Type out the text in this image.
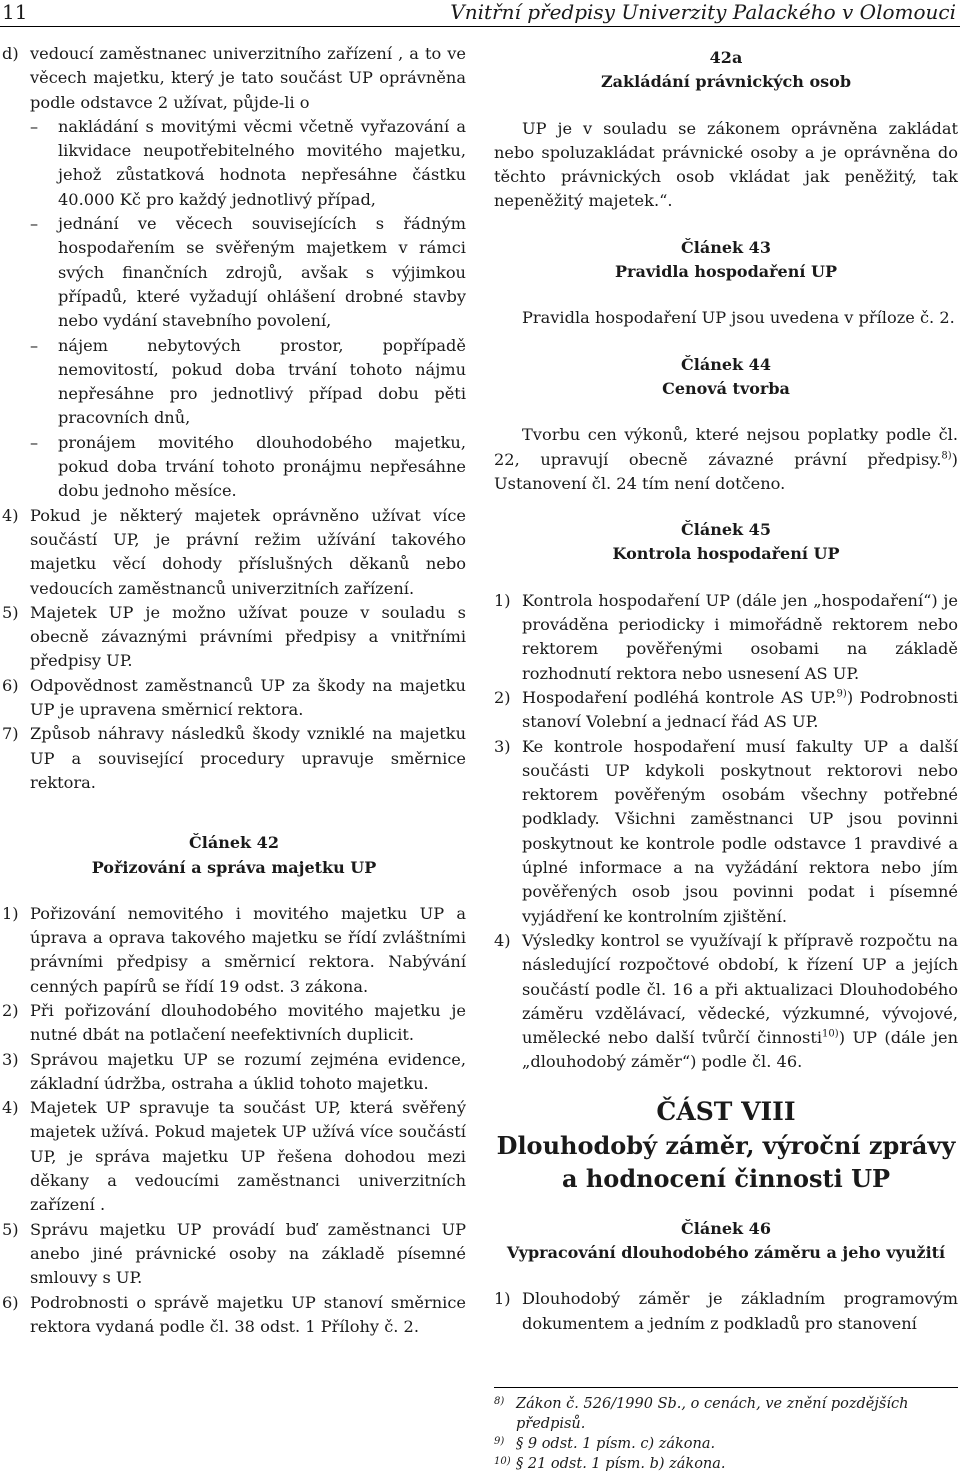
11	Vnitřní předpisy Univerzity Palackého v Olomouci
d) vedoucí zaměstnanec univerzitního zařízení , a to ve věcech majetku, který je tato součást UP oprávněna podle odstavce 2 užívat, půjde-li o
– nakládání s movitými věcmi včetně vyřazování a likvidace neupotřebitelného movitého majetku, jehož zůstatková hodnota nepřesáhne částku 40.000 Kč pro každý jednotlivý případ,
– jednání ve věcech souvisejících s řádným hospodařením se svěřeným majetkem v rámci svých finančních zdrojů, avšak s výjimkou případů, které vyžadují ohlášení drobné stavby nebo vydání stavebního povolení,
– nájem nebytových prostor, popřípadě nemovitostí, pokud doba trvání tohoto nájmu nepřesáhne pro jednotlivý případ dobu pěti pracovních dnů,
– pronájem movitého dlouhodobého majetku, pokud doba trvání tohoto pronájmu nepřesáhne dobu jednoho měsíce.
4) Pokud je některý majetek oprávněno užívat více součástí UP, je právní režim užívání takového majetku věcí dohody příslušných děkanů nebo vedoucích zaměstnanců univerzitních zařízení.
5) Majetek UP je možno užívat pouze v souladu s obecně závaznými právními předpisy a vnitřními předpisy UP.
6) Odpovědnost zaměstnanců UP za škody na majetku UP je upravena směrnicí rektora.
7) Způsob náhravy následků škody vzniklé na majetku UP a související procedury upravuje směrnice rektora.
Článek 42
Pořizování a správa majetku UP
1) Pořizování nemovitého i movitého majetku UP a úprava a oprava takového majetku se řídí zvláštními právními předpisy a směrnicí rektora. Nabývání cenných papírů se řídí 19 odst. 3 zákona.
2) Při pořizování dlouhodobého movitého majetku je nutné dbát na potlačení neefektivních duplicit.
3) Správou majetku UP se rozumí zejména evidence, základní údržba, ostraha a úklid tohoto majetku.
4) Majetek UP spravuje ta součást UP, která svěřený majetek užívá. Pokud majetek UP užívá více součástí UP, je správa majetku UP řešena dohodou mezi děkany a vedoucími zaměstnanci univerzitních zařízení .
5) Správu majetku UP provádí buď zaměstnanci UP anebo jiné právnické osoby na základě písemné smlouvy s UP.
6) Podrobnosti o správě majetku UP stanoví směrnice rektora vydaná podle čl. 38 odst. 1 Přílohy č. 2.
42a
Zakládání právnických osob

UP je v souladu se zákonem oprávněna zakládat nebo spoluzakládat právnické osoby a je oprávněna do těchto právnických osob vkládat jak peněžitý, tak nepeněžitý majetek.“.

Článek 43
Pravidla hospodaření UP

Pravidla hospodaření UP jsou uvedena v příloze č. 2.

Článek 44
Cenová tvorba

Tvorbu cen výkonů, které nejsou poplatky podle čl. 22, upravují obecně závazné právní předpisy.$^{8)}$) Ustanovení čl. 24 tím není dotčeno.

Článek 45
Kontrola hospodaření UP
1) Kontrola hospodaření UP (dále jen „hospodaření“) je prováděna periodicky i mimořádně rektorem nebo rektorem pověřenými osobami na základě rozhodnutí rektora nebo usnesení AS UP.
2) Hospodaření podléhá kontrole AS UP.$^{9)}$) Podrobnosti stanoví Volební a jednací řád AS UP.
3) Ke kontrole hospodaření musí fakulty UP a další součásti UP kdykoli poskytnout rektorovi nebo rektorem pověřeným osobám všechny potřebné podklady. Všichni zaměstnanci UP jsou povinni poskytnout ke kontrole podle odstavce 1 pravdivé a úplné informace a na vyžádání rektora nebo jím pověřených osob jsou povinni podat i písemné vyjádření ke kontrolním zjištění.
4) Výsledky kontrol se využívají k přípravě rozpočtu na následující rozpočtové období, k řízení UP a jejích součástí podle čl. 16 a při aktualizaci Dlouhodobého záměru vzdělávací, vědecké, výzkumné, vývojové, umělecké nebo další tvůrčí činnosti$^{10)}$) UP (dále jen „dlouhodobý záměr“) podle čl. 46.
ČÁST VIII
Dlouhodobý záměr, výroční zprávy a hodnocení činnosti UP
Článek 46
Vypracování dlouhodobého záměru a jeho využití
1) Dlouhodobý záměr je základním programovým dokumentem a jedním z podkladů pro stanovení
8) Zákon č. 526/1990 Sb., o cenách, ve znění pozdějších předpisů.
9) § 9 odst. 1 písm. c) zákona.
10) § 21 odst. 1 písm. b) zákona.
